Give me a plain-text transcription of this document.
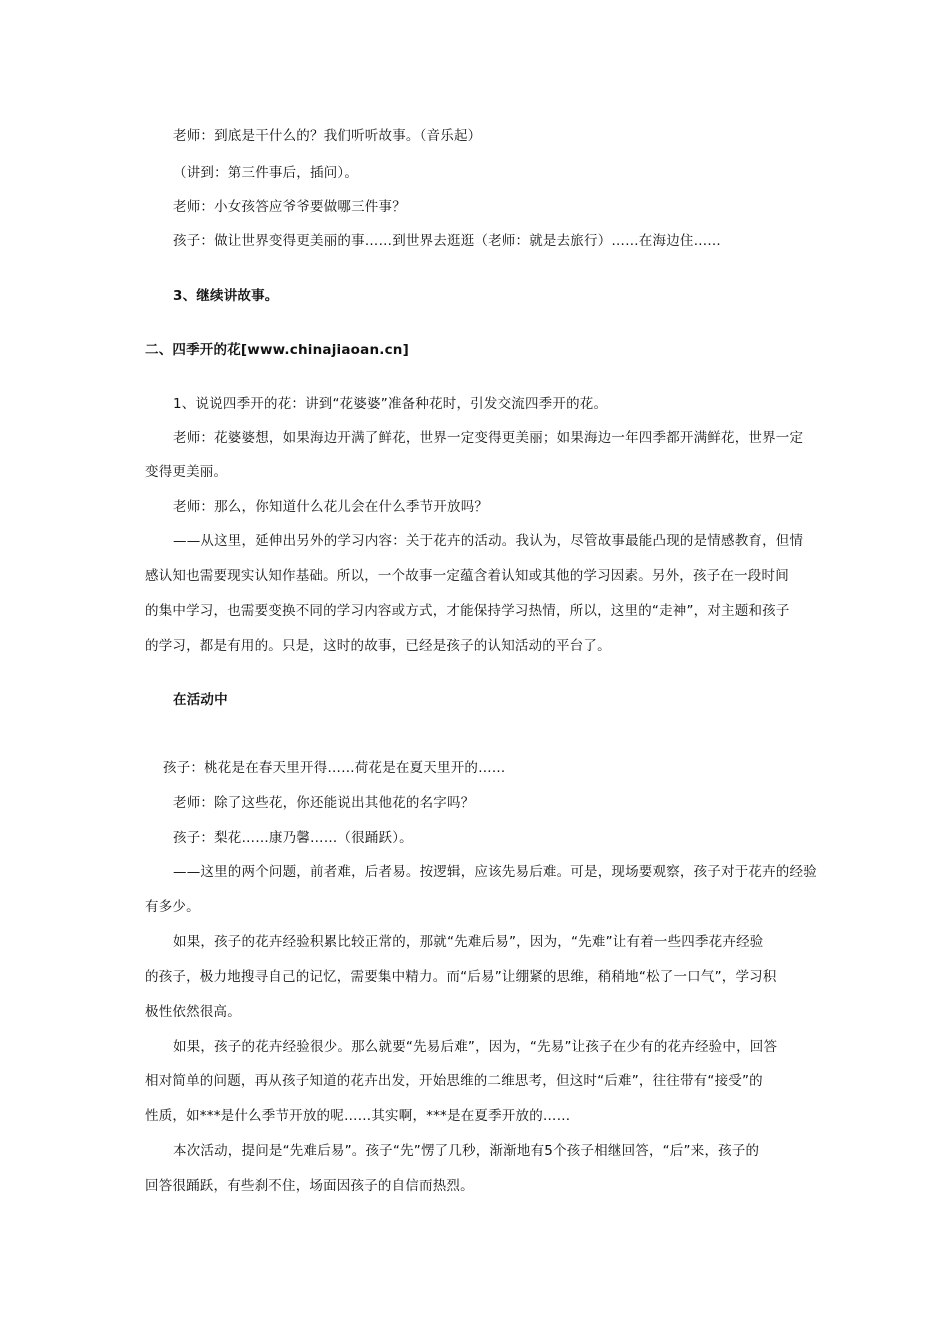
老师：到底是干什么的？我们听听故事。（音乐起）
（讲到：第三件事后，插问）。
老师：小女孩答应爷爷要做哪三件事？
孩子：做让世界变得更美丽的事……到世界去逛逛（老师：就是去旅行）……在海边住……
3、继续讲故事。
二、四季开的花[www.chinajiaoan.cn]
1、说说四季开的花：讲到“花婆婆”准备种花时，引发交流四季开的花。
老师：花婆婆想，如果海边开满了鲜花，世界一定变得更美丽；如果海边一年四季都开满鲜花，世界一定
变得更美丽。
老师：那么，你知道什么花儿会在什么季节开放吗？
——从这里，延伸出另外的学习内容：关于花卉的活动。我认为，尽管故事最能凸现的是情感教育，但情
感认知也需要现实认知作基础。所以，一个故事一定蕴含着认知或其他的学习因素。另外，孩子在一段时间
的集中学习，也需要变换不同的学习内容或方式，才能保持学习热情，所以，这里的“走神”，对主题和孩子
的学习，都是有用的。只是，这时的故事，已经是孩子的认知活动的平台了。
在活动中
孩子：桃花是在春天里开得……荷花是在夏天里开的……
老师：除了这些花，你还能说出其他花的名字吗？
孩子：梨花……康乃馨……（很踊跃）。
——这里的两个问题，前者难，后者易。按逻辑，应该先易后难。可是，现场要观察，孩子对于花卉的经验
有多少。
如果，孩子的花卉经验积累比较正常的，那就“先难后易”，因为，“先难”让有着一些四季花卉经验
的孩子，极力地搜寻自己的记忆，需要集中精力。而“后易”让绷紧的思维，稍稍地“松了一口气”，学习积
极性依然很高。
如果，孩子的花卉经验很少。那么就要“先易后难”，因为，“先易”让孩子在少有的花卉经验中，回答
相对简单的问题，再从孩子知道的花卉出发，开始思维的二维思考，但这时“后难”，往往带有“接受”的
性质，如***是什么季节开放的呢……其实啊，***是在夏季开放的……
本次活动，提问是“先难后易”。孩子“先”愣了几秒，渐渐地有5个孩子相继回答，“后”来，孩子的
回答很踊跃，有些刹不住，场面因孩子的自信而热烈。
